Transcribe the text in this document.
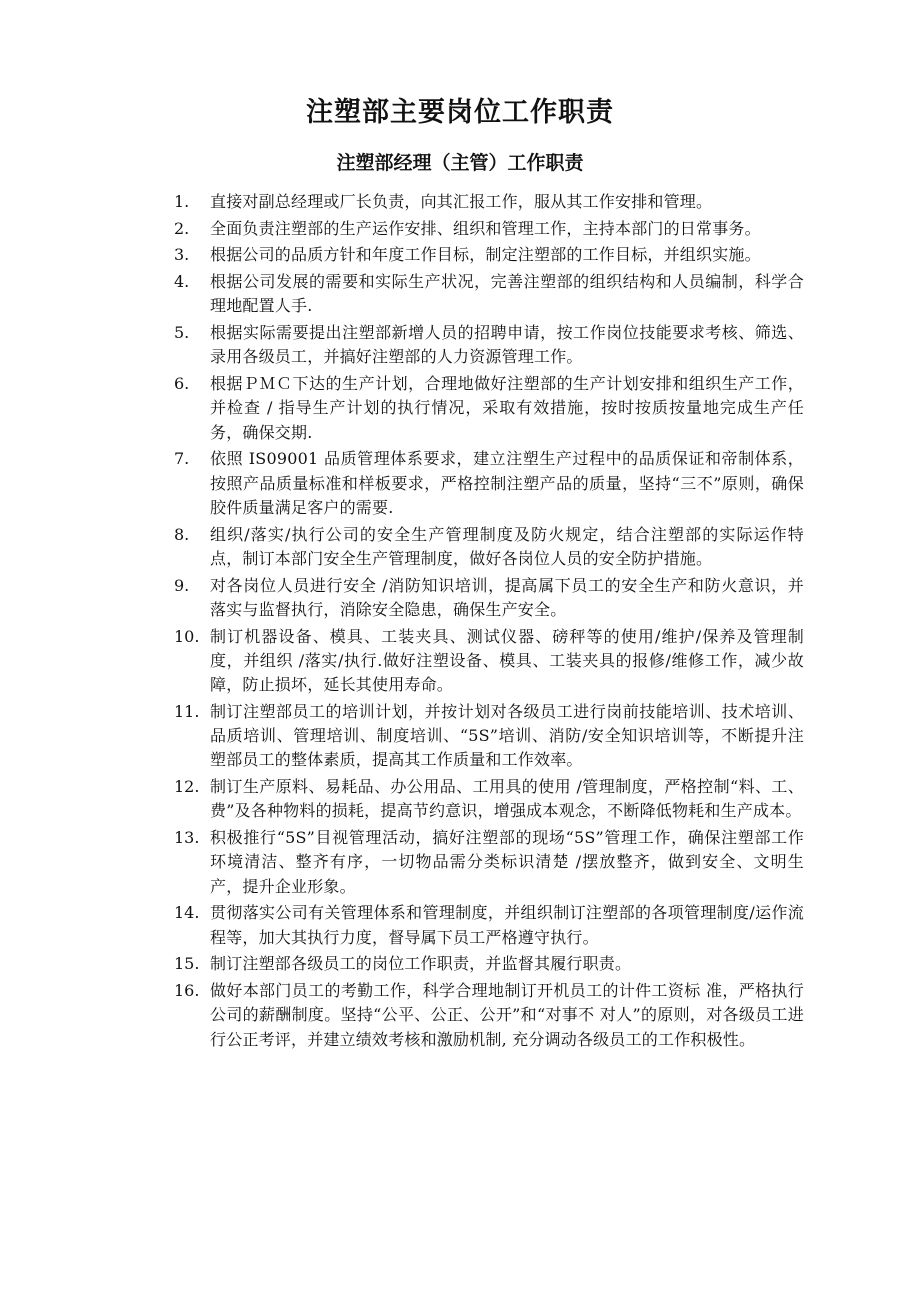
注塑部主要岗位工作职责
注塑部经理（主管）工作职责
1.	直接对副总经理或厂长负责，向其汇报工作，服从其工作安排和管理。
2.	全面负责注塑部的生产运作安排、组织和管理工作，主持本部门的日常事务。
3.	根据公司的品质方针和年度工作目标，制定注塑部的工作目标，并组织实施。
4.	根据公司发展的需要和实际生产状况，完善注塑部的组织结构和人员编制，科学合理地配置人手.
5.	根据实际需要提出注塑部新增人员的招聘申请，按工作岗位技能要求考核、筛选、录用各级员工，并搞好注塑部的人力资源管理工作。
6.	根据ＰＭＣ下达的生产计划，合理地做好注塑部的生产计划安排和组织生产工作，并检查 / 指导生产计划的执行情况，采取有效措施，按时按质按量地完成生产任务，确保交期.
7.	依照 IS09001 品质管理体系要求，建立注塑生产过程中的品质保证和帝制体系，按照产品质量标准和样板要求，严格控制注塑产品的质量，坚持“三不”原则，确保胶件质量满足客户的需要.
8.	组织/落实/执行公司的安全生产管理制度及防火规定，结合注塑部的实际运作特点，制订本部门安全生产管理制度，做好各岗位人员的安全防护措施。
9.	对各岗位人员进行安全 /消防知识培训，提高属下员工的安全生产和防火意识，并落实与监督执行，消除安全隐患，确保生产安全。
10. 制订机器设备、模具、工装夹具、测试仪器、磅秤等的使用/维护/保养及管理制度，并组织 /落实/执行.做好注塑设备、模具、工装夹具的报修/维修工作，减少故障，防止损坏，延长其使用寿命。
11. 制订注塑部员工的培训计划，并按计划对各级员工进行岗前技能培训、技术培训、品质培训、管理培训、制度培训、“5S”培训、消防/安全知识培训等，不断提升注塑部员工的整体素质，提高其工作质量和工作效率。
12. 制订生产原料、易耗品、办公用品、工用具的使用 /管理制度，严格控制“料、工、费”及各种物料的损耗，提高节约意识，增强成本观念，不断降低物耗和生产成本。
13. 积极推行“5S”目视管理活动，搞好注塑部的现场“5S”管理工作，确保注塑部工作环境清洁、整齐有序，一切物品需分类标识清楚 /摆放整齐，做到安全、文明生产，提升企业形象。
14. 贯彻落实公司有关管理体系和管理制度，并组织制订注塑部的各项管理制度/运作流程等，加大其执行力度，督导属下员工严格遵守执行。
15. 制订注塑部各级员工的岗位工作职责，并监督其履行职责。
16. 做好本部门员工的考勤工作，科学合理地制订开机员工的计件工资标 准，严格执行公司的薪酬制度。坚持“公平、公正、公开”和“对事不 对人”的原则，对各级员工进行公正考评，并建立绩效考核和激励机制, 充分调动各级员工的工作积极性。
